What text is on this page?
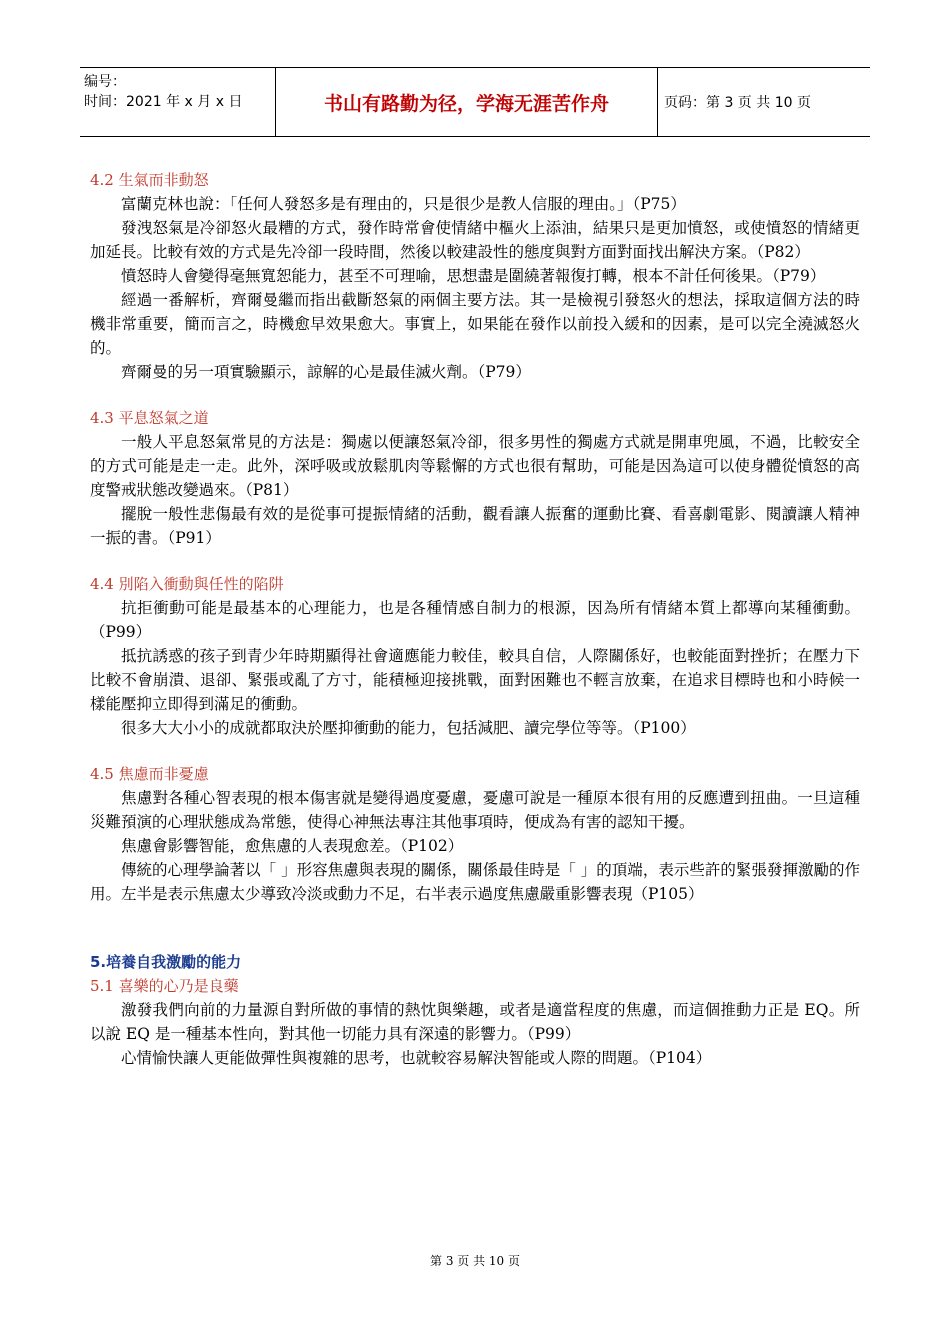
编号：
时间：2021 年 x 月 x 日	书山有路勤为径，学海无涯苦作舟	页码：第 3 页 共 10 页
4.2 生氣而非動怒

富蘭克林也說：「任何人發怒多是有理由的，只是很少是教人信服的理由。」（P75）

發洩怒氣是冷卻怒火最糟的方式，發作時常會使情緒中樞火上添油，結果只是更加憤怒，或使憤怒的情緒更加延長。比較有效的方式是先冷卻一段時間，然後以較建設性的態度與對方面對面找出解決方案。（P82）

憤怒時人會變得毫無寬恕能力，甚至不可理喻，思想盡是圍繞著報復打轉，根本不計任何後果。（P79）

經過一番解析，齊爾曼繼而指出截斷怒氣的兩個主要方法。其一是檢視引發怒火的想法，採取這個方法的時機非常重要，簡而言之，時機愈早效果愈大。事實上，如果能在發作以前投入緩和的因素，是可以完全澆滅怒火的。

齊爾曼的另一項實驗顯示，諒解的心是最佳滅火劑。（P79）

4.3 平息怒氣之道

一般人平息怒氣常見的方法是：獨處以便讓怒氣冷卻，很多男性的獨處方式就是開車兜風，不過，比較安全的方式可能是走一走。此外，深呼吸或放鬆肌肉等鬆懈的方式也很有幫助，可能是因為這可以使身體從憤怒的高度警戒狀態改變過來。（P81）

擺脫一般性悲傷最有效的是從事可提振情緒的活動，觀看讓人振奮的運動比賽、看喜劇電影、閱讀讓人精神一振的書。（P91）

4.4 別陷入衝動與任性的陷阱

抗拒衝動可能是最基本的心理能力，也是各種情感自制力的根源，因為所有情緒本質上都導向某種衝動。（P99）

抵抗誘惑的孩子到青少年時期顯得社會適應能力較佳，較具自信，人際關係好，也較能面對挫折；在壓力下比較不會崩潰、退卻、緊張或亂了方寸，能積極迎接挑戰，面對困難也不輕言放棄，在追求目標時也和小時候一樣能壓抑立即得到滿足的衝動。

很多大大小小的成就都取決於壓抑衝動的能力，包括減肥、讀完學位等等。（P100）

4.5 焦慮而非憂慮

焦慮對各種心智表現的根本傷害就是變得過度憂慮，憂慮可說是一種原本很有用的反應遭到扭曲。一旦這種災難預演的心理狀態成為常態，使得心神無法專注其他事項時，便成為有害的認知干擾。

焦慮會影響智能，愈焦慮的人表現愈差。（P102）

傳統的心理學論著以「 」形容焦慮與表現的關係，關係最佳時是「 」的頂端，表示些許的緊張發揮激勵的作用。左半是表示焦慮太少導致冷淡或動力不足，右半表示過度焦慮嚴重影響表現（P105）

5.培養自我激勵的能力
5.1 喜樂的心乃是良藥

激發我們向前的力量源自對所做的事情的熱忱與樂趣，或者是適當程度的焦慮，而這個推動力正是 EQ。所以說 EQ 是一種基本性向，對其他一切能力具有深遠的影響力。（P99）

心情愉快讓人更能做彈性與複雜的思考，也就較容易解決智能或人際的問題。（P104）

第 3 页 共 10 页
